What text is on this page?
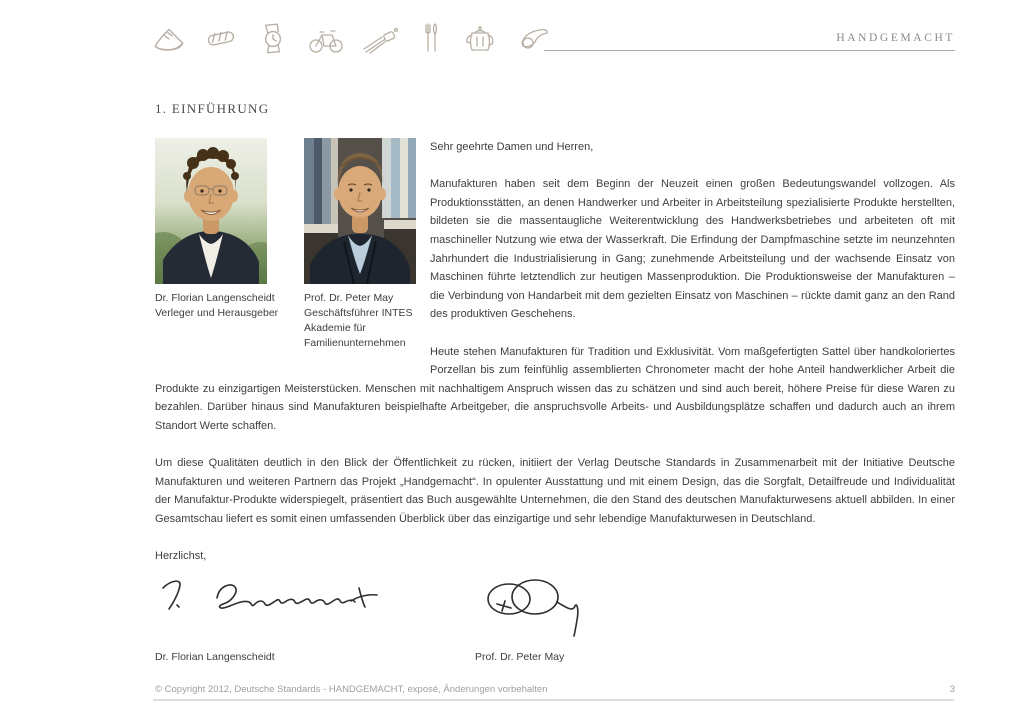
HANDGEMACHT
1. EINFÜHRUNG
Dr. Florian Langenscheidt
Verleger und Herausgeber
Prof. Dr. Peter May
Geschäftsführer INTES Akademie für Familienunternehmen

Sehr geehrte Damen und Herren,

Manufakturen haben seit dem Beginn der Neuzeit einen großen Bedeutungswandel vollzogen. Als Produktionsstätten, an denen Handwerker und Arbeiter in Arbeitsteilung spezialisierte Produkte herstellten, bildeten sie die massentaugliche Weiterentwicklung des Handwerksbetriebes und arbeiteten oft mit maschineller Nutzung wie etwa der Wasserkraft. Die Erfindung der Dampfmaschine setzte im neunzehnten Jahrhundert die Industrialisierung in Gang; zunehmende Arbeitsteilung und der wachsende Einsatz von Maschinen führte letztendlich zur heutigen Massenproduktion. Die Produktionsweise der Manufakturen – die Verbindung von Handarbeit mit dem gezielten Einsatz von Maschinen – rückte damit ganz an den Rand des produktiven Geschehens.

Heute stehen Manufakturen für Tradition und Exklusivität. Vom maßgefertigten Sattel über handkoloriertes Porzellan bis zum feinfühlig assemblierten Chronometer macht der hohe Anteil handwerklicher Arbeit die Produkte zu einzigartigen Meisterstücken. Menschen mit nachhaltigem Anspruch wissen das zu schätzen und sind auch bereit, höhere Preise für diese Waren zu bezahlen. Darüber hinaus sind Manufakturen beispielhafte Arbeitgeber, die anspruchsvolle Arbeits- und Ausbildungsplätze schaffen und dadurch auch an ihrem Standort Werte schaffen.

Um diese Qualitäten deutlich in den Blick der Öffentlichkeit zu rücken, initiiert der Verlag Deutsche Standards in Zusammenarbeit mit der Initiative Deutsche Manufakturen und weiteren Partnern das Projekt „Handgemacht“. In opulenter Ausstattung und mit einem Design, das die Sorgfalt, Detailfreude und Individualität der Manufaktur-Produkte widerspiegelt, präsentiert das Buch ausgewählte Unternehmen, die den Stand des deutschen Manufakturwesens aktuell abbilden. In einer Gesamtschau liefert es somit einen umfassenden Überblick über das einzigartige und sehr lebendige Manufakturwesen in Deutschland.

Herzlichst,

Dr. Florian Langenscheidt	Prof. Dr. Peter May
© Copyright 2012, Deutsche Standards - HANDGEMACHT, exposé, Änderungen vorbehalten	3
